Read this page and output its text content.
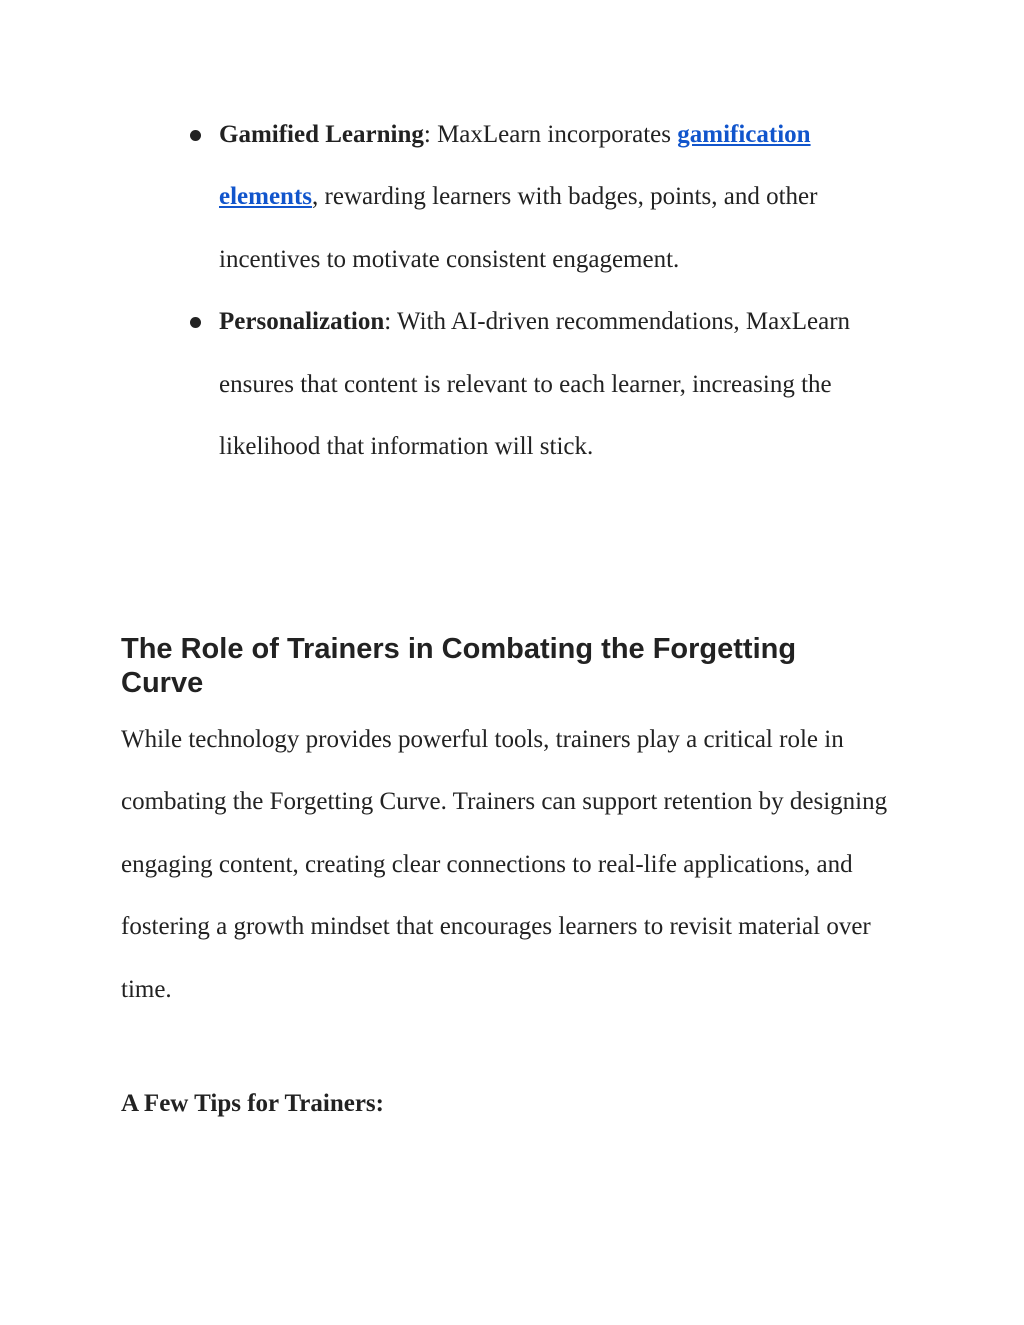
Gamified Learning: MaxLearn incorporates gamification elements, rewarding learners with badges, points, and other incentives to motivate consistent engagement.
Personalization: With AI-driven recommendations, MaxLearn ensures that content is relevant to each learner, increasing the likelihood that information will stick.
The Role of Trainers in Combating the Forgetting Curve

While technology provides powerful tools, trainers play a critical role in combating the Forgetting Curve. Trainers can support retention by designing engaging content, creating clear connections to real-life applications, and fostering a growth mindset that encourages learners to revisit material over time.

A Few Tips for Trainers:
